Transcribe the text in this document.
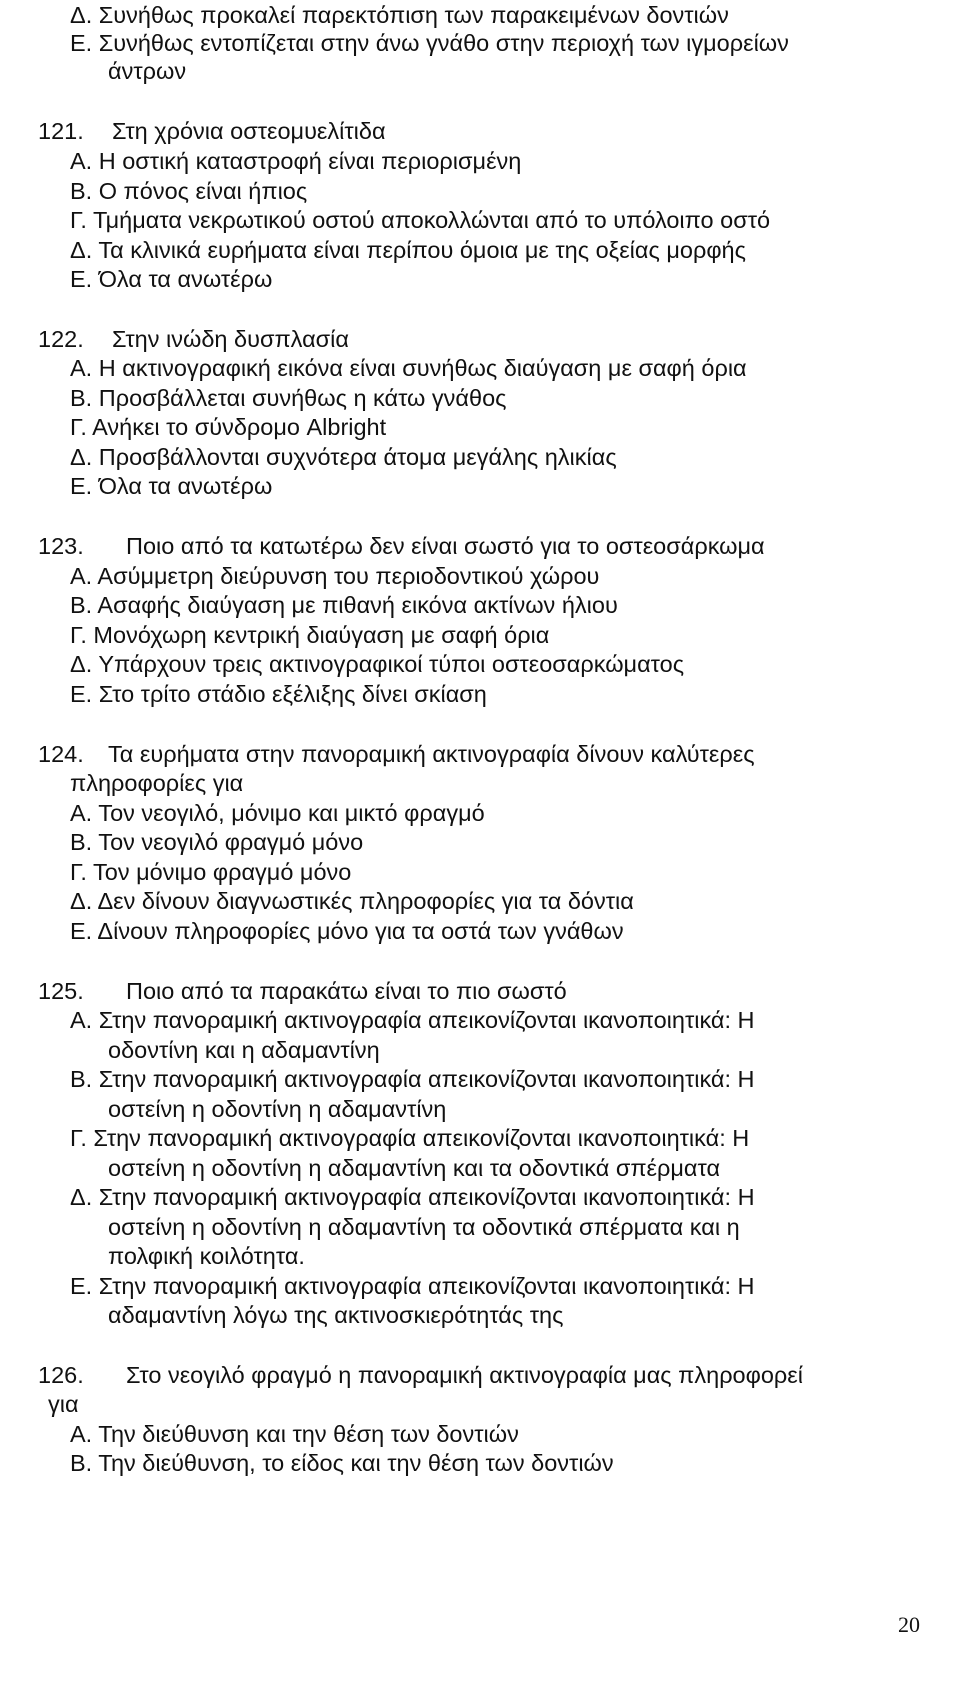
Δ. Συνήθως προκαλεί παρεκτόπιση των παρακειμένων δοντιών
Ε. Συνήθως εντοπίζεται στην άνω γνάθο στην περιοχή των ιγμορείων
άντρων
121. Στη χρόνια οστεομυελίτιδα
Α. Η οστική καταστροφή είναι περιορισμένη
Β. Ο πόνος είναι ήπιος
Γ. Τμήματα νεκρωτικού οστού αποκολλώνται από το υπόλοιπο οστό
Δ. Τα κλινικά ευρήματα είναι περίπου όμοια με της οξείας μορφής
Ε. Όλα τα ανωτέρω
122. Στην ινώδη δυσπλασία
Α. Η ακτινογραφική εικόνα είναι συνήθως διαύγαση με σαφή όρια
Β. Προσβάλλεται συνήθως η κάτω γνάθος
Γ. Ανήκει το σύνδρομο Albright
Δ. Προσβάλλονται συχνότερα άτομα μεγάλης ηλικίας
Ε. Όλα τα ανωτέρω
123. Ποιο από τα κατωτέρω δεν είναι σωστό για το οστεοσάρκωμα
Α. Ασύμμετρη διεύρυνση του περιοδοντικού χώρου
Β. Ασαφής διαύγαση με πιθανή εικόνα ακτίνων ήλιου
Γ. Μονόχωρη κεντρική διαύγαση με σαφή όρια
Δ. Υπάρχουν τρεις ακτινογραφικοί τύποι οστεοσαρκώματος
Ε. Στο τρίτο στάδιο εξέλιξης δίνει σκίαση
124. Τα ευρήματα στην πανοραμική ακτινογραφία δίνουν καλύτερες
πληροφορίες για
Α. Τον νεογιλό, μόνιμο και μικτό φραγμό
Β. Τον νεογιλό φραγμό μόνο
Γ. Τον μόνιμο φραγμό μόνο
Δ. Δεν δίνουν διαγνωστικές πληροφορίες για τα δόντια
Ε. Δίνουν πληροφορίες μόνο για τα οστά των γνάθων
125. Ποιο από τα παρακάτω είναι το πιο σωστό
Α. Στην πανοραμική ακτινογραφία απεικονίζονται ικανοποιητικά: Η
οδοντίνη και η αδαμαντίνη
Β. Στην πανοραμική ακτινογραφία απεικονίζονται ικανοποιητικά: Η
οστείνη η οδοντίνη η αδαμαντίνη
Γ. Στην πανοραμική ακτινογραφία απεικονίζονται ικανοποιητικά: Η
οστείνη η οδοντίνη η αδαμαντίνη και τα οδοντικά σπέρματα
Δ. Στην πανοραμική ακτινογραφία απεικονίζονται ικανοποιητικά: Η
οστείνη η οδοντίνη η αδαμαντίνη τα οδοντικά σπέρματα και η
πολφική κοιλότητα.
Ε. Στην πανοραμική ακτινογραφία απεικονίζονται ικανοποιητικά: Η
αδαμαντίνη λόγω της ακτινοσκιερότητάς της
126. Στο νεογιλό φραγμό η πανοραμική ακτινογραφία μας πληροφορεί
για
Α. Την διεύθυνση και την θέση των δοντιών
Β. Την διεύθυνση, το είδος και την θέση των δοντιών
20
